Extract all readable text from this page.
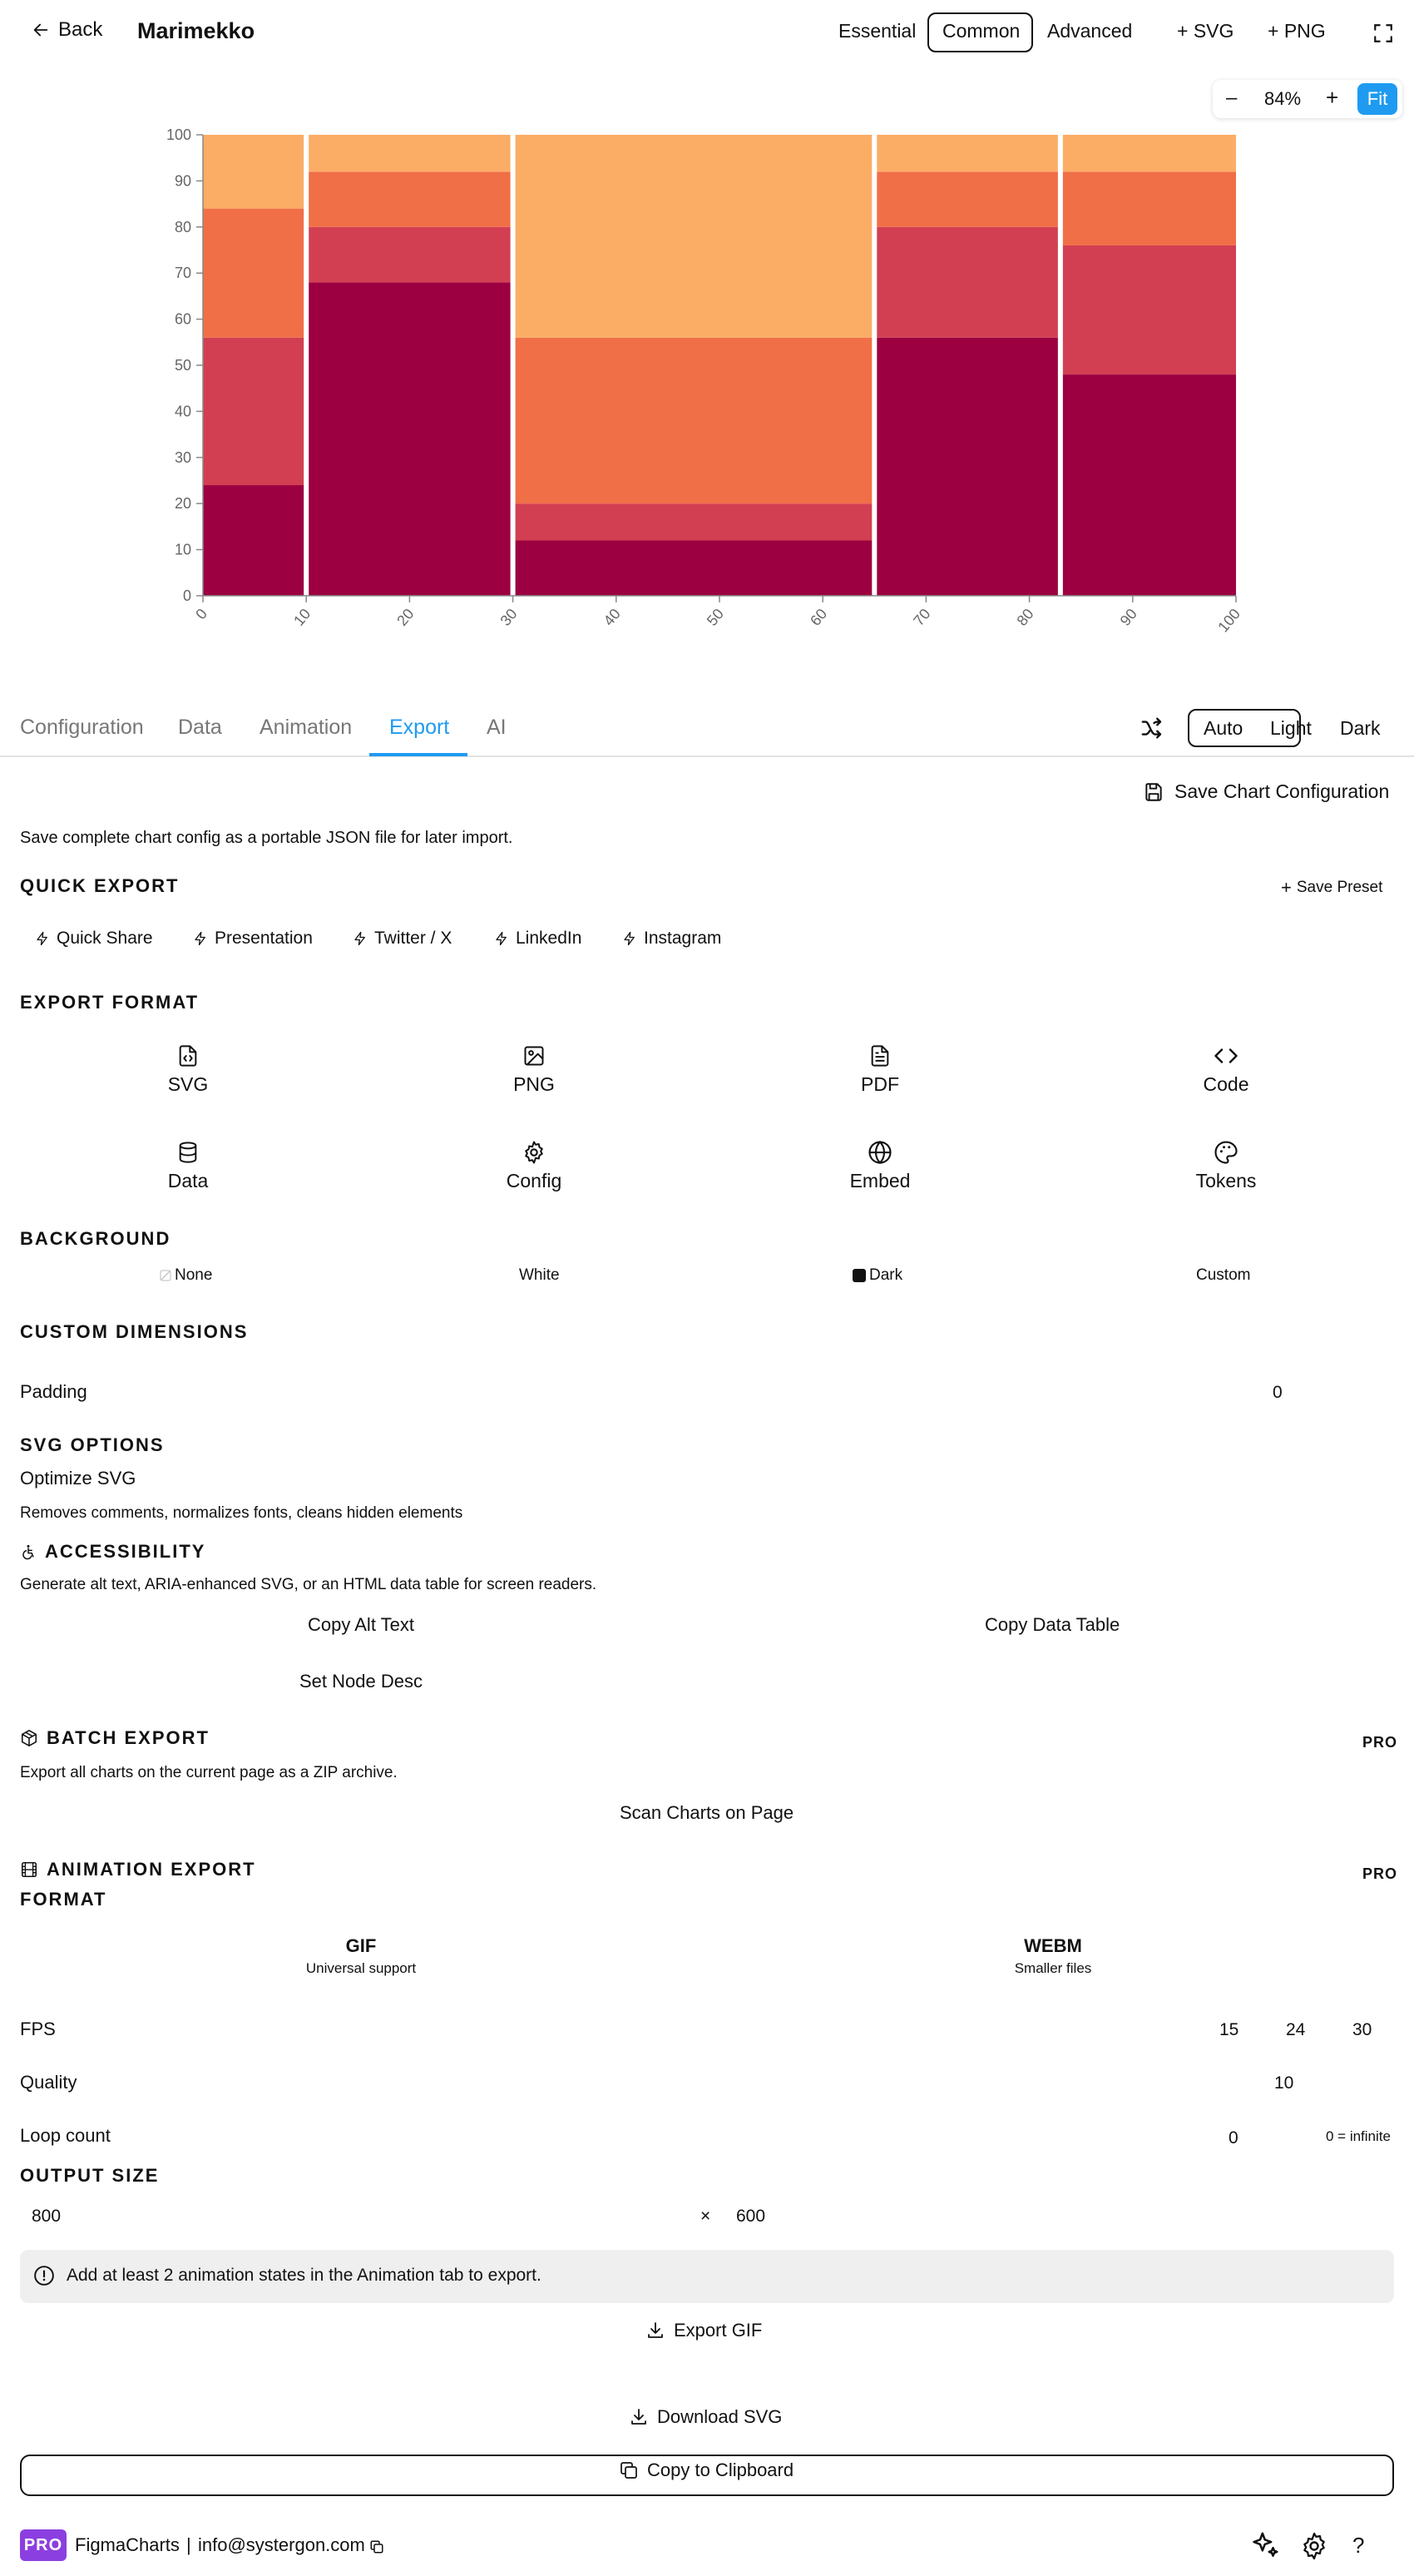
Back Marimekko	Essential Common Advanced + SVG + PNG
– 84% +	Fit
0
10
20
30
40
50
60
70
80
90
100
0	10	20	30	40	50	60	70	80	90	100
Configuration Data Animation Export AI	Auto Light Dark
Save Chart Configuration
Save complete chart config as a portable JSON file for later import.
QUICK EXPORT	+ Save Preset
Quick Share	Presentation	Twitter / X	LinkedIn	Instagram
EXPORT FORMAT
SVG	PNG	PDF	Code
Data	Config	Embed	Tokens
BACKGROUND
None	White	Dark	Custom
CUSTOM DIMENSIONS
Padding	0
SVG OPTIONS
Optimize SVG
Removes comments, normalizes fonts, cleans hidden elements
ACCESSIBILITY
Generate alt text, ARIA-enhanced SVG, or an HTML data table for screen readers.
Copy Alt Text	Copy Data Table
Set Node Desc
BATCH EXPORT	PRO
Export all charts on the current page as a ZIP archive.
Scan Charts on Page
ANIMATION EXPORT	PRO
FORMAT
GIF
Universal support
WEBM
Smaller files
FPS	15	24	30
Quality	10
Loop count	0	0 = infinite
OUTPUT SIZE
800	× 600
Add at least 2 animation states in the Animation tab to export.
Export GIF
Download SVG
Copy to Clipboard
PRO FigmaCharts | info@systergon.com	?
